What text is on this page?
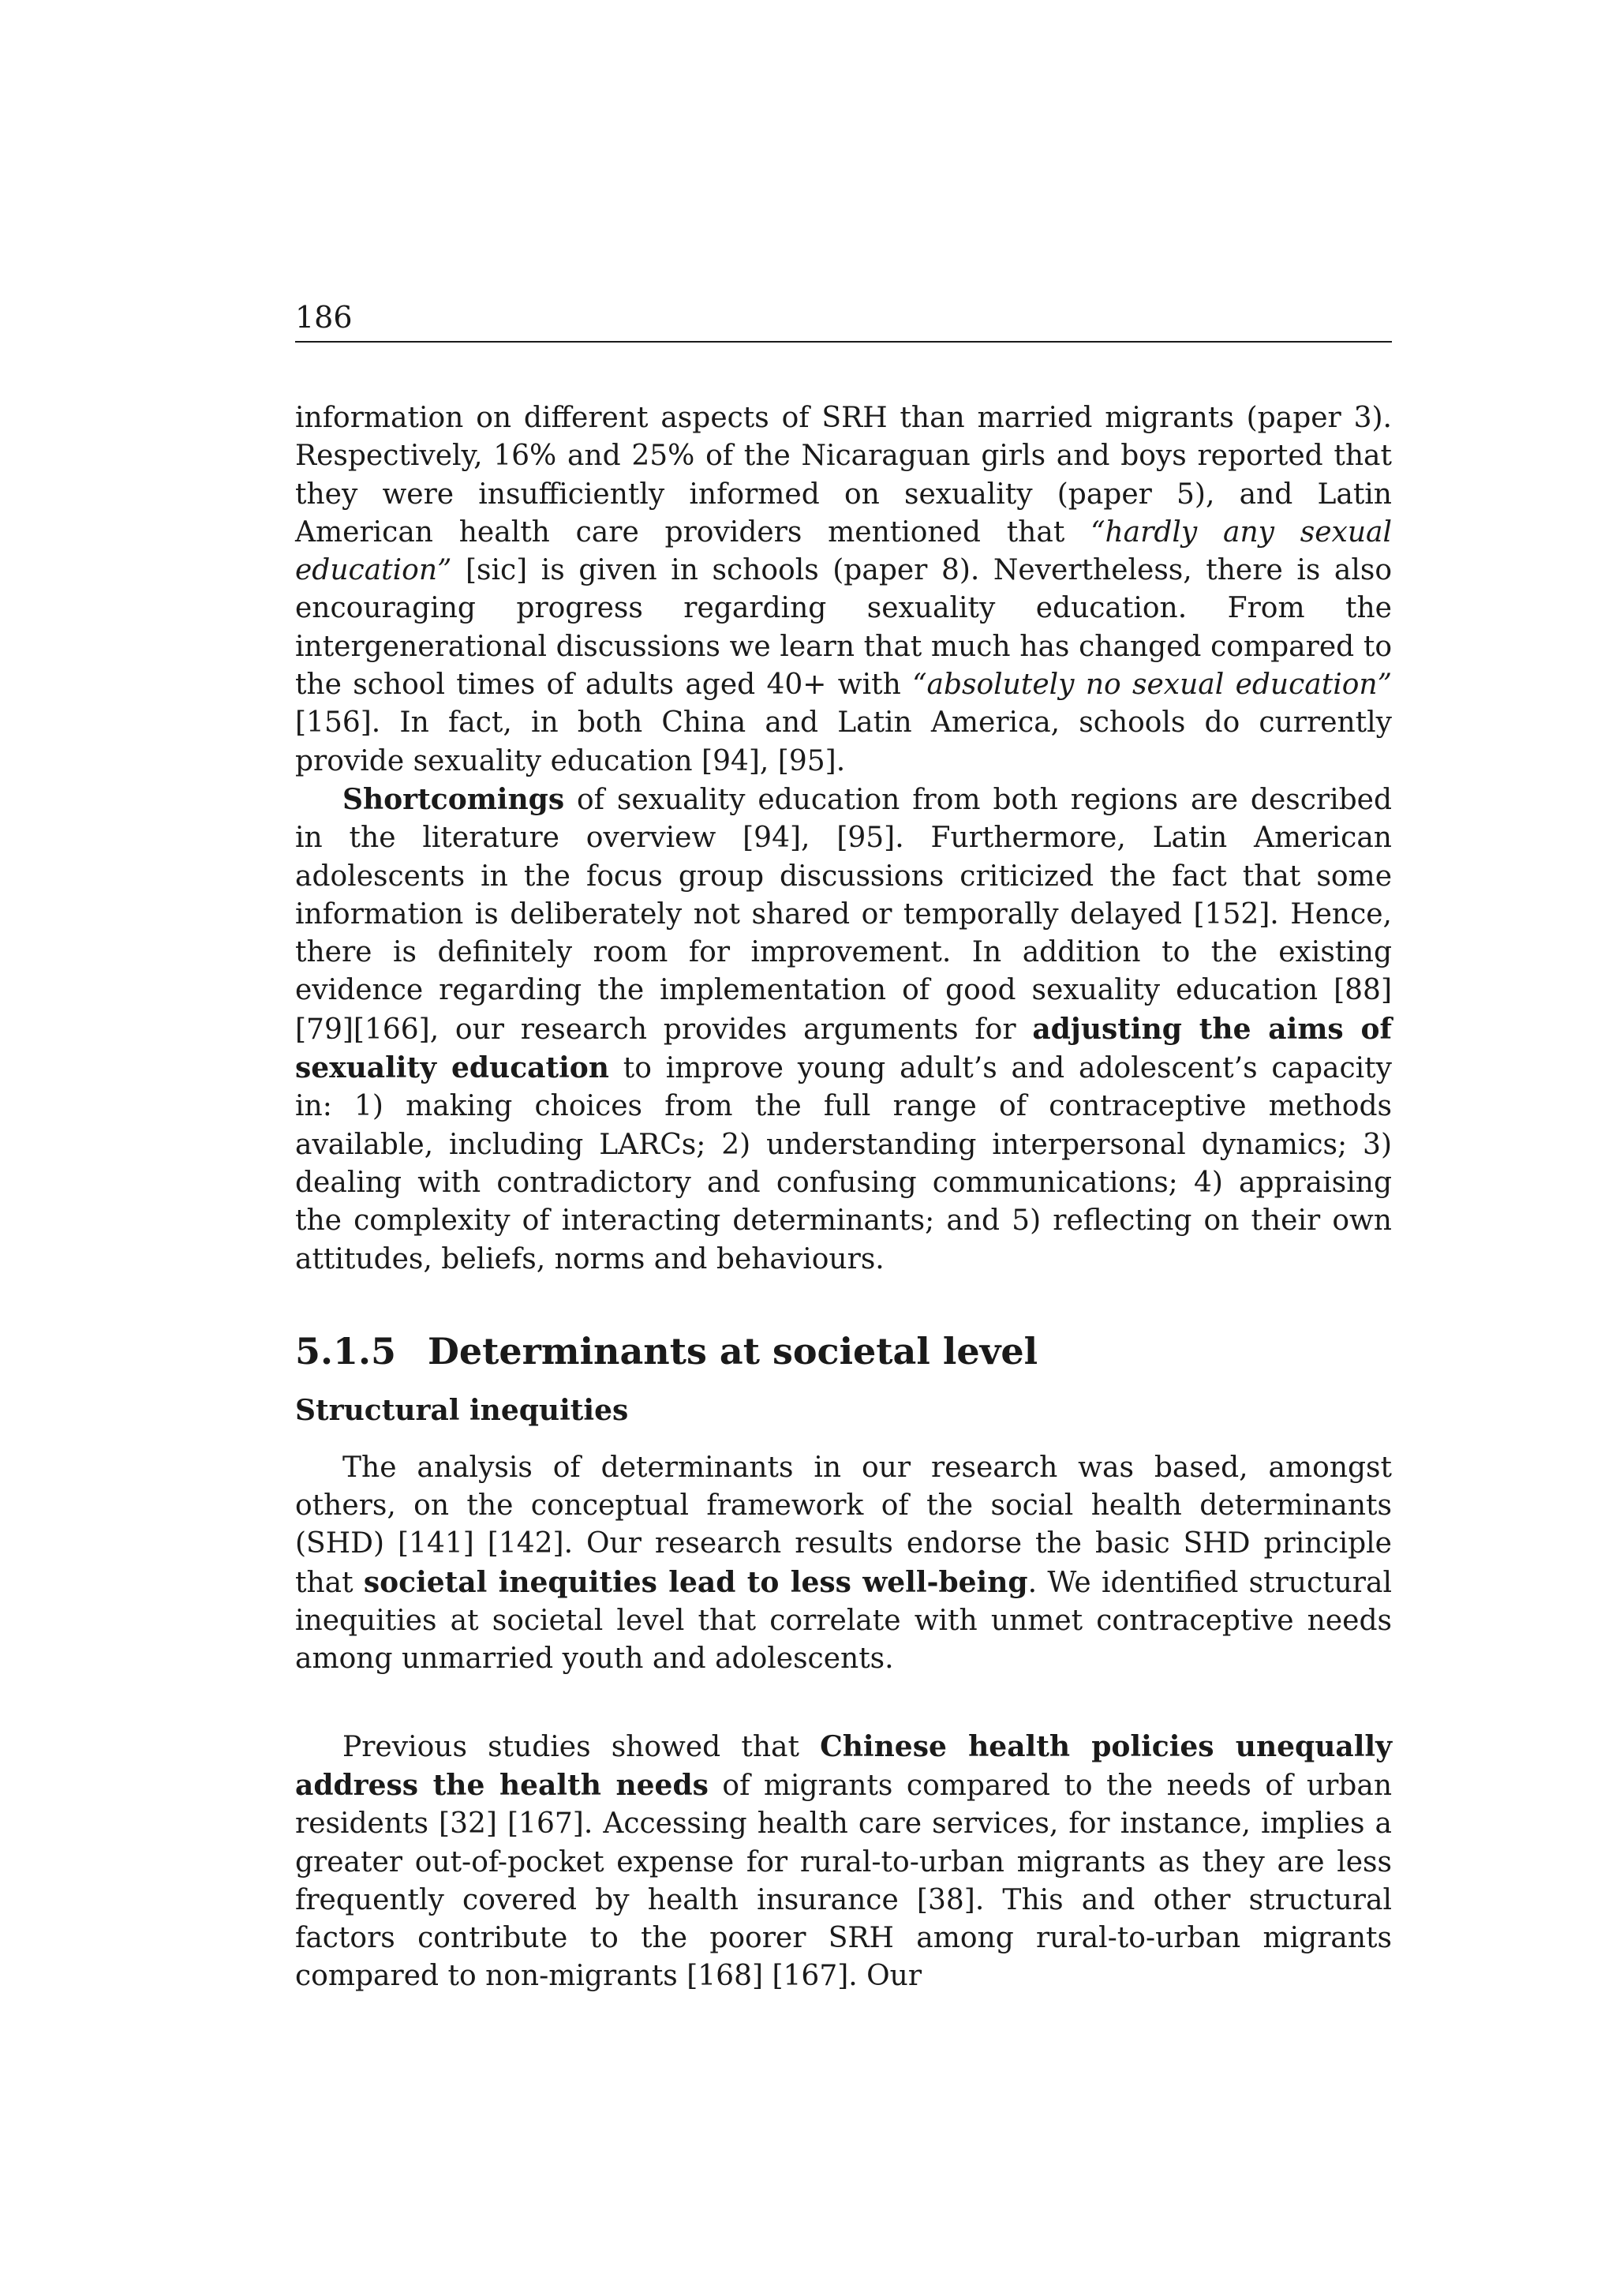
186

information on different aspects of SRH than married migrants (paper 3). Respectively, 16% and 25% of the Nicaraguan girls and boys reported that they were insufficiently informed on sexuality (paper 5), and Latin American health care providers mentioned that “hardly any sexual education” [sic] is given in schools (paper 8). Nevertheless, there is also encouraging progress regarding sexuality education. From the intergenerational discussions we learn that much has changed compared to the school times of adults aged 40+ with “absolutely no sexual education” [156]. In fact, in both China and Latin America, schools do currently provide sexuality education [94], [95].

Shortcomings of sexuality education from both regions are described in the literature overview [94], [95]. Furthermore, Latin American adolescents in the focus group discussions criticized the fact that some information is deliberately not shared or temporally delayed [152]. Hence, there is definitely room for improvement. In addition to the existing evidence regarding the implementation of good sexuality education [88][79][166], our research provides arguments for adjusting the aims of sexuality education to improve young adult’s and adolescent’s capacity in: 1) making choices from the full range of contraceptive methods available, including LARCs; 2) understanding interpersonal dynamics; 3) dealing with contradictory and confusing communications; 4) appraising the complexity of interacting determinants; and 5) reflecting on their own attitudes, beliefs, norms and behaviours.

5.1.5 Determinants at societal level
Structural inequities

The analysis of determinants in our research was based, amongst others, on the conceptual framework of the social health determinants (SHD) [141] [142]. Our research results endorse the basic SHD principle that societal inequities lead to less well-being. We identified structural inequities at societal level that correlate with unmet contraceptive needs among unmarried youth and adolescents.

Previous studies showed that Chinese health policies unequally address the health needs of migrants compared to the needs of urban residents [32] [167]. Accessing health care services, for instance, implies a greater out-of-pocket expense for rural-to-urban migrants as they are less frequently covered by health insurance [38]. This and other structural factors contribute to the poorer SRH among rural-to-urban migrants compared to non-migrants [168] [167]. Our
